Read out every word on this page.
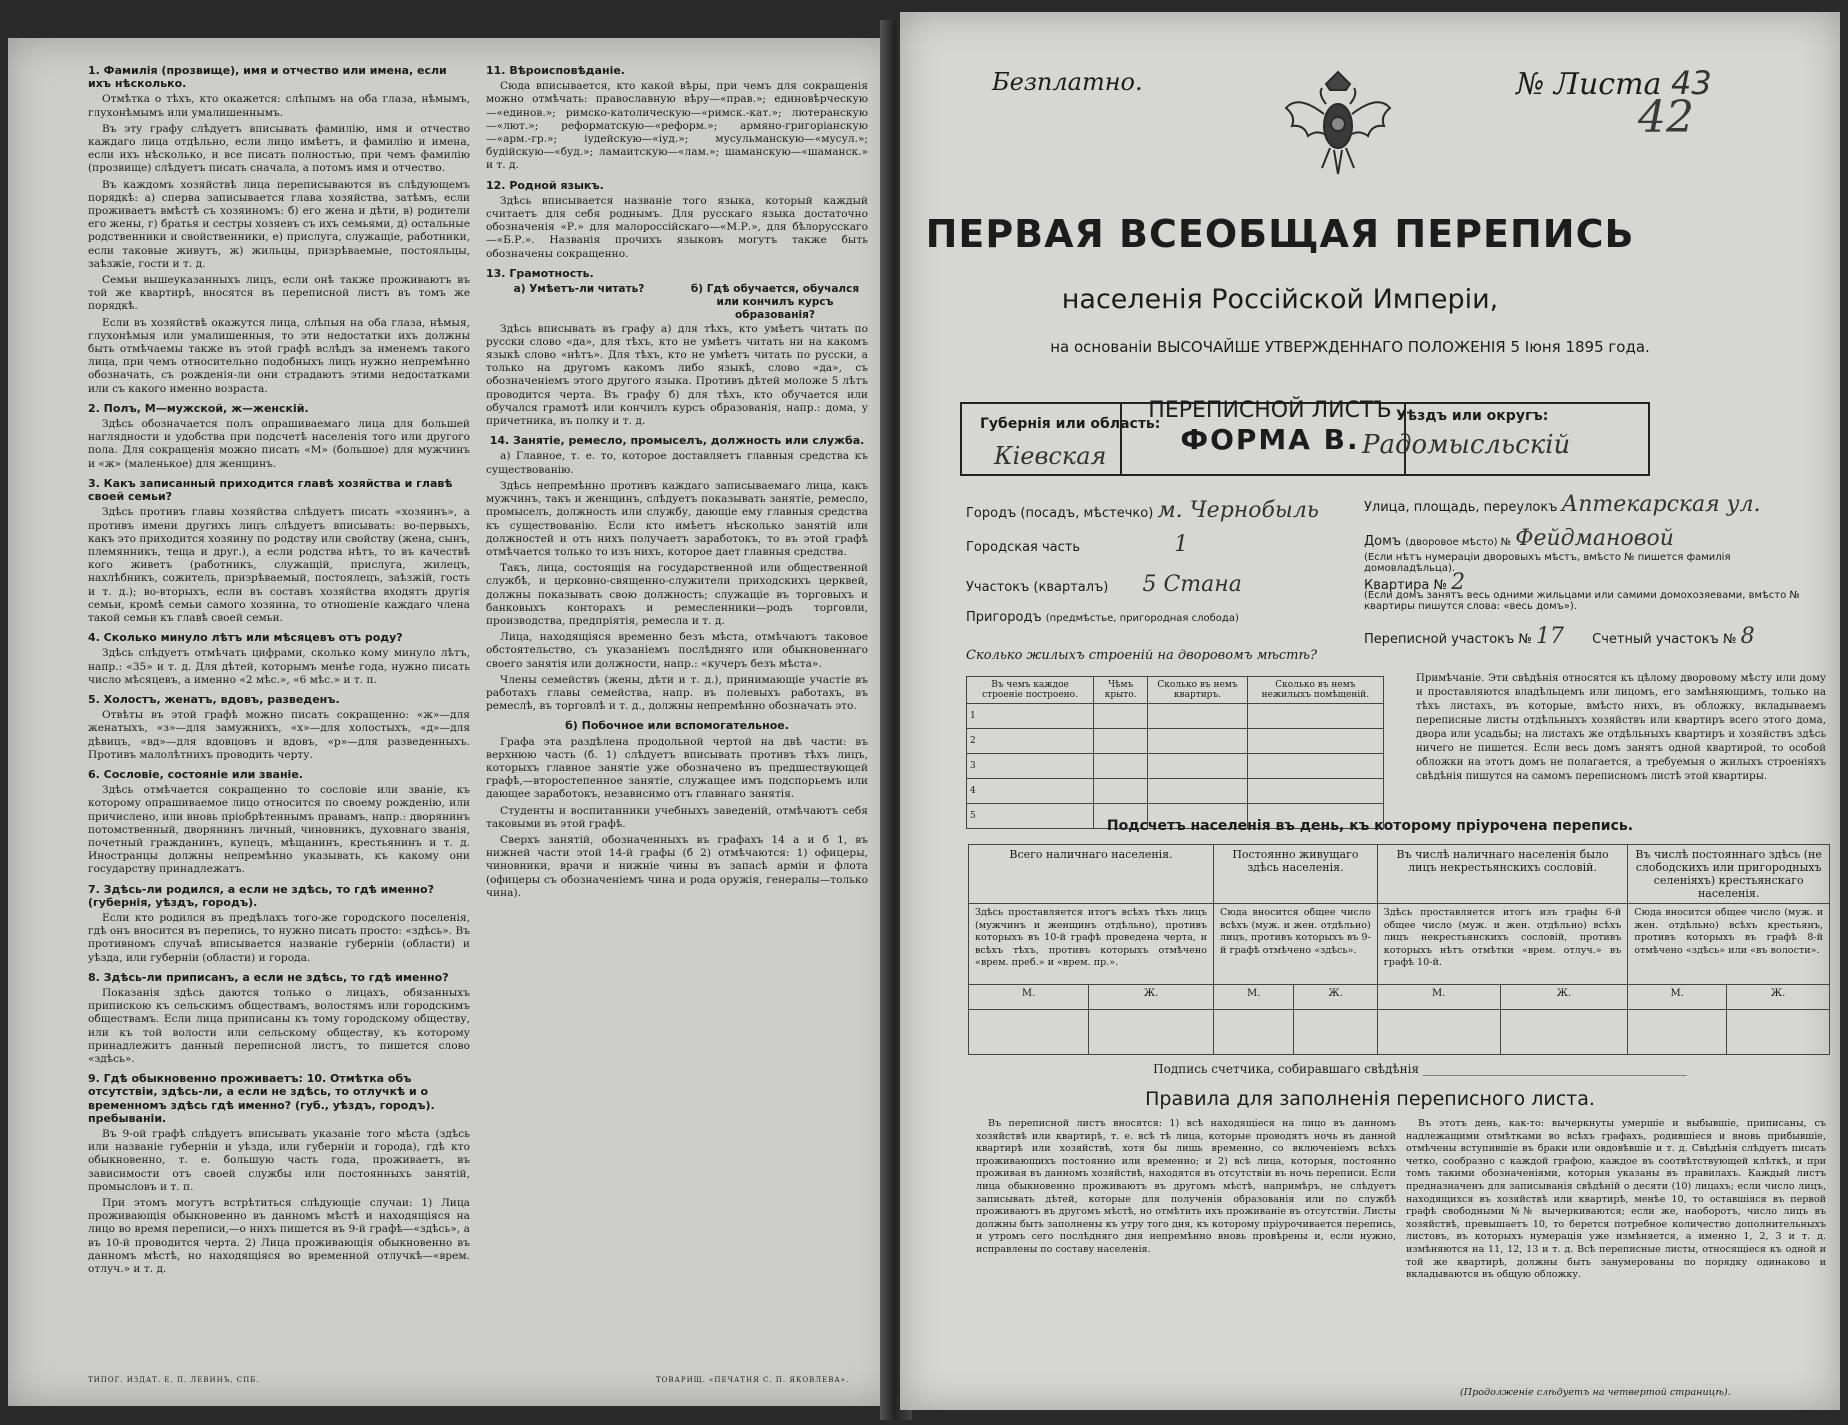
1. Фамилія (прозвище), имя и отчество или имена, если ихъ нѣсколько.

Отмѣтка о тѣхъ, кто окажется: слѣпымъ на оба глаза, нѣмымъ, глухонѣмымъ или умалишеннымъ.

Въ эту графу слѣдуетъ вписывать фамилію, имя и отчество каждаго лица отдѣльно, если лицо имѣетъ, и фамилію и имена, если ихъ нѣсколько, и все писать полностью, при чемъ фамилію (прозвище) слѣдуетъ писать сначала, а потомъ имя и отчество.

Въ каждомъ хозяйствѣ лица переписываются въ слѣдующемъ порядкѣ: а) сперва записывается глава хозяйства, затѣмъ, если проживаетъ вмѣстѣ съ хозяиномъ: б) его жена и дѣти, в) родители его жены, г) братья и сестры хозяевъ съ ихъ семьями, д) остальные родственники и свойственники, е) прислуга, служащіе, работники, если таковые живутъ, ж) жильцы, призрѣваемые, постояльцы, заѣзжіе, гости и т. д.

Семьи вышеуказанныхъ лицъ, если онѣ также проживаютъ въ той же квартирѣ, вносятся въ переписной листъ въ томъ же порядкѣ.

Если въ хозяйствѣ окажутся лица, слѣпыя на оба глаза, нѣмыя, глухонѣмыя или умалишенныя, то эти недостатки ихъ должны быть отмѣчаемы также въ этой графѣ вслѣдъ за именемъ такого лица, при чемъ относительно подобныхъ лицъ нужно непремѣнно обозначать, съ рожденія-ли они страдаютъ этими недостатками или съ какого именно возраста.

2. Полъ, М—мужской, ж—женскій.

Здѣсь обозначается полъ опрашиваемаго лица для большей наглядности и удобства при подсчетѣ населенія того или другого пола. Для сокращенія можно писать «М» (большое) для мужчинъ и «ж» (маленькое) для женщинъ.

3. Какъ записанный приходится главѣ хозяйства и главѣ своей семьи?

Здѣсь противъ главы хозяйства слѣдуетъ писать «хозяинъ», а противъ имени другихъ лицъ слѣдуетъ вписывать: во-первыхъ, какъ это приходится хозяину по родству или свойству (жена, сынъ, племянникъ, теща и друг.), а если родства нѣтъ, то въ качествѣ кого живетъ (работникъ, служащій, прислуга, жилецъ, нахлѣбникъ, сожитель, призрѣваемый, постоялецъ, заѣзжій, гость и т. д.); во-вторыхъ, если въ составъ хозяйства входятъ другія семьи, кромѣ семьи самого хозяина, то отношеніе каждаго члена такой семьи къ главѣ своей семьи.

4. Сколько минуло лѣтъ или мѣсяцевъ отъ роду?

Здѣсь слѣдуетъ отмѣчать цифрами, сколько кому минуло лѣтъ, напр.: «35» и т. д. Для дѣтей, которымъ менѣе года, нужно писать число мѣсяцевъ, а именно «2 мѣс.», «6 мѣс.» и т. п.

5. Холостъ, женатъ, вдовъ, разведенъ.

Отвѣты въ этой графѣ можно писать сокращенно: «ж»—для женатыхъ, «з»—для замужнихъ, «х»—для холостыхъ, «д»—для дѣвицъ, «вд»—для вдовцовъ и вдовъ, «р»—для разведенныхъ. Противъ малолѣтнихъ проводить черту.

6. Сословіе, состояніе или званіе.

Здѣсь отмѣчается сокращенно то сословіе или званіе, къ которому опрашиваемое лицо относится по своему рожденію, или причислено, или вновь пріобрѣтеннымъ правамъ, напр.: дворянинъ потомственный, дворянинъ личный, чиновникъ, духовнаго званія, почетный гражданинъ, купецъ, мѣщанинъ, крестьянинъ и т. д. Иностранцы должны непремѣнно указывать, къ какому они государству принадлежатъ.

7. Здѣсь-ли родился, а если не здѣсь, то гдѣ именно? (губернія, уѣздъ, городъ).

Если кто родился въ предѣлахъ того-же городского поселенія, гдѣ онъ вносится въ перепись, то нужно писать просто: «здѣсь». Въ противномъ случаѣ вписывается названіе губерніи (области) и уѣзда, или губерніи (области) и города.

8. Здѣсь-ли приписанъ, а если не здѣсь, то гдѣ именно?

Показанія здѣсь даются только о лицахъ, обязанныхъ припискою къ сельскимъ обществамъ, волостямъ или городскимъ обществамъ. Если лица приписаны къ тому городскому обществу, или къ той волости или сельскому обществу, къ которому принадлежитъ данный переписной листъ, то пишется слово «здѣсь».

9. Гдѣ обыкновенно проживаетъ: 10. Отмѣтка объ отсутствіи, здѣсь-ли, а если не здѣсь, то отлучкѣ и о временномъ здѣсь гдѣ именно? (губ., уѣздъ, городъ). пребываніи.

Въ 9-ой графѣ слѣдуетъ вписывать указаніе того мѣста (здѣсь или названіе губерніи и уѣзда, или губерніи и города), гдѣ кто обыкновенно, т. е. большую часть года, проживаетъ, въ зависимости отъ своей службы или постоянныхъ занятій, промысловъ и т. п.

При этомъ могутъ встрѣтиться слѣдующіе случаи: 1) Лица проживающія обыкновенно въ данномъ мѣстѣ и находящіяся на лицо во время переписи,—о нихъ пишется въ 9-й графѣ—«здѣсь», а въ 10-й проводится черта. 2) Лица проживающія обыкновенно въ данномъ мѣстѣ, но находящіяся во временной отлучкѣ—«врем. отлуч.» и т. д.

11. Вѣроисповѣданіе.

Сюда вписывается, кто какой вѣры, при чемъ для сокращенія можно отмѣчать: православную вѣру—«прав.»; единовѣрческую—«единов.»; римско-католическую—«римск.-кат.»; лютеранскую—«лют.»; реформатскую—«реформ.»; армяно-григоріанскую—«арм.-гр.»; іудейскую—«іуд.»; мусульманскую—«мусул.»; будійскую—«буд.»; ламаитскую—«лам.»; шаманскую—«шаманск.» и т. д.

12. Родной языкъ.

Здѣсь вписывается названіе того языка, который каждый считаетъ для себя роднымъ. Для русскаго языка достаточно обозначенія «Р.» для малороссійскаго—«М.Р.», для бѣлорусскаго—«Б.Р.». Названія прочихъ языковъ могутъ также быть обозначены сокращенно.

13. Грамотность.
а) Умѣетъ-ли читать?	б) Гдѣ обучается, обучался или кончилъ курсъ образованія?

Здѣсь вписывать въ графу а) для тѣхъ, кто умѣетъ читать по русски слово «да», для тѣхъ, кто не умѣетъ читать ни на какомъ языкѣ слово «нѣтъ». Для тѣхъ, кто не умѣетъ читать по русски, а только на другомъ какомъ либо языкѣ, слово «да», съ обозначеніемъ этого другого языка. Противъ дѣтей моложе 5 лѣтъ проводится черта. Въ графу б) для тѣхъ, кто обучается или обучался грамотѣ или кончилъ курсъ образованія, напр.: дома, у причетника, въ полку и т. д.

14. Занятіе, ремесло, промыселъ, должность или служба.

а) Главное, т. е. то, которое доставляетъ главныя средства къ существованію.

Здѣсь непремѣнно противъ каждаго записываемаго лица, какъ мужчинъ, такъ и женщинъ, слѣдуетъ показывать занятіе, ремесло, промыселъ, должность или службу, дающіе ему главныя средства къ существованію. Если кто имѣетъ нѣсколько занятій или должностей и отъ нихъ получаетъ заработокъ, то въ этой графѣ отмѣчается только то изъ нихъ, которое дает главныя средства.

Такъ, лица, состоящія на государственной или общественной службѣ, и церковно-священно-служители приходскихъ церквей, должны показывать свою должность; служащіе въ торговыхъ и банковыхъ конторахъ и ремесленники—родъ торговли, производства, предпріятія, ремесла и т. д.

Лица, находящіяся временно безъ мѣста, отмѣчаютъ таковое обстоятельство, съ указаніемъ послѣдняго или обыкновеннаго своего занятія или должности, напр.: «кучеръ безъ мѣста».

Члены семействъ (жены, дѣти и т. д.), принимающіе участіе въ работахъ главы семейства, напр. въ полевыхъ работахъ, въ ремеслѣ, въ торговлѣ и т. д., должны непремѣнно обозначать это.

б) Побочное или вспомогательное.

Графа эта раздѣлена продольной чертой на двѣ части: въ верхнюю часть (б. 1) слѣдуетъ вписывать противъ тѣхъ лицъ, которыхъ главное занятіе уже обозначено въ предшествующей графѣ,—второстепенное занятіе, служащее имъ подспорьемъ или дающее заработокъ, независимо отъ главнаго занятія.

Студенты и воспитанники учебныхъ заведеній, отмѣчаютъ себя таковыми въ этой графѣ.

Сверхъ занятій, обозначенныхъ въ графахъ 14 а и б 1, въ нижней части этой 14-й графы (б 2) отмѣчаются: 1) офицеры, чиновники, врачи и нижніе чины въ запасѣ арміи и флота (офицеры съ обозначеніемъ чина и рода оружія, генералы—только чина).

ТИПОГ. ИЗДАТ. Е. П. ЛЕВИНЪ, СПБ.	ТОВАРИЩ. «ПЕЧАТНЯ С. П. ЯКОВЛЕВА».
Безплатно.	№ Листа 43
42
ПЕРВАЯ ВСЕОБЩАЯ ПЕРЕПИСЬ
населенія Россійской Имперіи,
на основаніи ВЫСОЧАЙШЕ УТВЕРЖДЕННАГО ПОЛОЖЕНІЯ 5 Іюня 1895 года.
Губернія или область:
Кіевская
ПЕРЕПИСНОЙ ЛИСТЪ
ФОРМА В.
Уѣздъ или округъ:
Радомысльскій
Городъ (посадъ, мѣстечко) м. Чернобыль
Городская часть	1
Участокъ (кварталъ) 5 Стана
Пригородъ (предмѣстье, пригородная слобода)
Улица, площадь, переулокъ Аптекарская ул.
Домъ (дворовое мѣсто) № Фейдмановой
(Если нѣтъ нумераціи дворовыхъ мѣстъ, вмѣсто № пишется фамилія домовладѣльца).
Квартира № 2
(Если домъ занятъ весь одними жильцами или самими домохозяевами, вмѣсто № квартиры пишутся слова: «весь домъ»).
Переписной участокъ № 17 Счетный участокъ № 8
Сколько жилыхъ строеній на дворовомъ мѣстѣ?
Въ чемъ каждое строеніе построено.	Чѣмъ крыто.	Сколько въ немъ квартиръ.	Сколько въ немъ нежилыхъ помѣщеній.
1			
2			
3			
4			
5			
Примѣчаніе. Эти свѣдѣнія относятся къ цѣлому дворовому мѣсту или дому и проставляются владѣльцемъ или лицомъ, его замѣняющимъ, только на тѣхъ листахъ, въ которые, вмѣсто нихъ, въ обложку, вкладываемъ переписные листы отдѣльныхъ хозяйствъ или квартиръ всего этого дома, двора или усадьбы; на листахъ же отдѣльныхъ квартиръ и хозяйствъ здѣсь ничего не пишется. Если весь домъ занятъ одной квартирой, то особой обложки на этотъ домъ не полагается, а требуемыя о жилыхъ строеніяхъ свѣдѣнія пишутся на самомъ переписномъ листѣ этой квартиры.
Подсчетъ населенія въ день, къ которому пріурочена перепись.
Всего наличнаго населенія.		Постоянно живущаго здѣсь населенія.		Въ числѣ наличнаго населенія было лицъ некрестьянскихъ сословій.		Въ числѣ постояннаго здѣсь (не слободскихъ или пригородныхъ селеніяхъ) крестьянскаго населенія.	
Здѣсь проставляется итогъ всѣхъ тѣхъ лицъ (мужчинъ и женщинъ отдѣльно), противъ которыхъ въ 10-й графѣ проведена черта, и всѣхъ тѣхъ, противъ которыхъ отмѣчено «врем. преб.» и «врем. пр.».		Сюда вносится общее число всѣхъ (муж. и жен. отдѣльно) лицъ, противъ которыхъ въ 9-й графѣ отмѣчено «здѣсь».		Здѣсь проставляется итогъ изъ графы 6-й общее число (муж. и жен. отдѣльно) всѣхъ лицъ некрестьянскихъ сословій, противъ которыхъ нѣтъ отмѣтки «врем. отлуч.» въ графѣ 10-й.		Сюда вносится общее число (муж. и жен. отдѣльно) всѣхъ крестьянъ, противъ которыхъ въ графѣ 8-й отмѣчено «здѣсь» или «въ волости».	
М.	Ж.	М.	Ж.	М.	Ж.	М.	Ж.

Подпись счетчика, собиравшаго свѣдѣнія ____________________________________________
Правила для заполненія переписного листа.

Въ переписной листъ вносятся: 1) всѣ находящіеся на лицо въ данномъ хозяйствѣ или квартирѣ, т. е. всѣ тѣ лица, которые проводятъ ночь въ данной квартирѣ или хозяйствѣ, хотя бы лишь временно, со включеніемъ всѣхъ проживающихъ постоянно или временно; и 2) всѣ лица, которыя, постоянно проживая въ данномъ хозяйствѣ, находятся въ отсутствіи въ ночь переписи. Если лица обыкновенно проживаютъ въ другомъ мѣстѣ, напримѣръ, не слѣдуетъ записывать дѣтей, которые для полученія образованія или по службѣ проживаютъ въ другомъ мѣстѣ, но отмѣтить ихъ проживаніе въ отсутствіи. Листы должны быть заполнены къ утру того дня, къ которому пріурочивается перепись, и утромъ сего послѣдняго дня непремѣнно вновь провѣрены и, если нужно, исправлены по составу населенія.

Въ этотъ день, как-то: вычеркнуты умершіе и выбывшіе, приписаны, съ надлежащими отмѣтками во всѣхъ графахъ, родившіеся и вновь прибывшіе, отмѣчены вступившіе въ браки или овдовѣвшіе и т. д. Свѣдѣнія слѣдуетъ писать четко, сообразно с каждой графою, каждое въ соотвѣтствующей клѣткѣ, и при томъ такими обозначеніями, которыя указаны въ правилахъ. Каждый листъ предназначенъ для записыванія свѣдѣній о десяти (10) лицахъ; если число лицъ, находящихся въ хозяйствѣ или квартирѣ, менѣе 10, то оставшіяся въ первой графѣ свободными №№ вычеркиваются; если же, наоборотъ, число лицъ въ хозяйствѣ, превышаетъ 10, то берется потребное количество дополнительныхъ листовъ, въ которыхъ нумерація уже измѣняется, а именно 1, 2, 3 и т. д. измѣняются на 11, 12, 13 и т. д. Всѣ переписные листы, относящіеся къ одной и той же квартирѣ, должны быть занумерованы по порядку одинаково и вкладываются въ общую обложку.

(Продолженіе слѣдуетъ на четвертой страницѣ).
